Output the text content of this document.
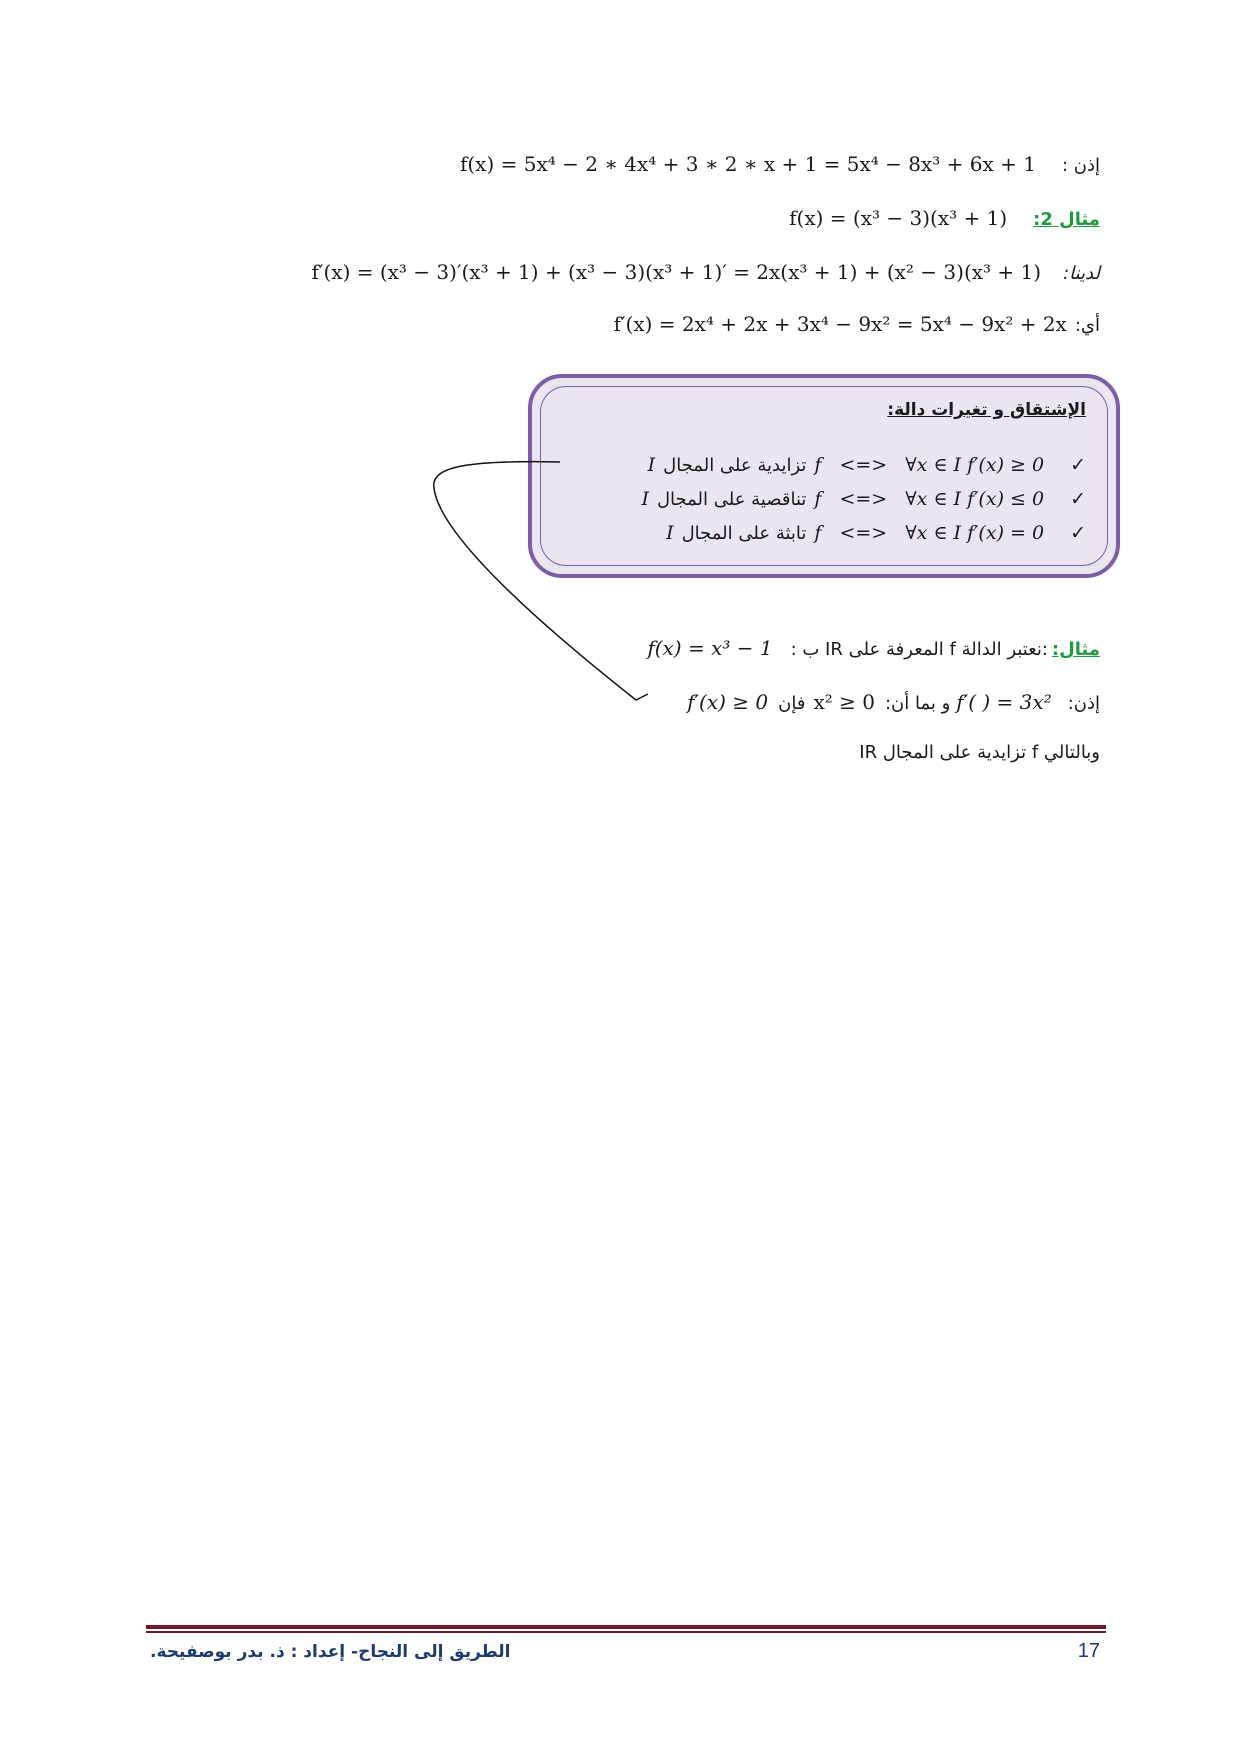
إذن :
f(x) = 5x⁴ − 2 ∗ 4x⁴ + 3 ∗ 2 ∗ x + 1 = 5x⁴ − 8x³ + 6x + 1
مثال 2:
f(x) = (x³ − 3)(x³ + 1)
لدينا:
f′(x) = (x³ − 3)′(x³ + 1) + (x³ − 3)(x³ + 1)′ = 2x(x³ + 1) + (x² − 3)(x³ + 1)
أي:
f′(x) = 2x⁴ + 2x + 3x⁴ − 9x² = 5x⁴ − 9x² + 2x
الإشتقاق و تغيرات دالة:
✓
∀x ∈ I f′(x) ≥ 0
<=>
f
تزايدية على المجال
I
✓
∀x ∈ I f′(x) ≤ 0
<=>
f
تناقصية على المجال
I
✓
∀x ∈ I f′(x) = 0
<=>
f
تابثة على المجال
I
مثال:
:نعتبر الدالة f المعرفة على IR ب :
f(x) = x³ − 1
إذن:
f′( ) = 3x²
و بما أن:
x² ≥ 0
فإن
f′(x) ≥ 0
وبالتالي f تزايدية على المجال IR
17
الطريق إلى النجاح- إعداد : ذ. بدر بوصفيحة.
